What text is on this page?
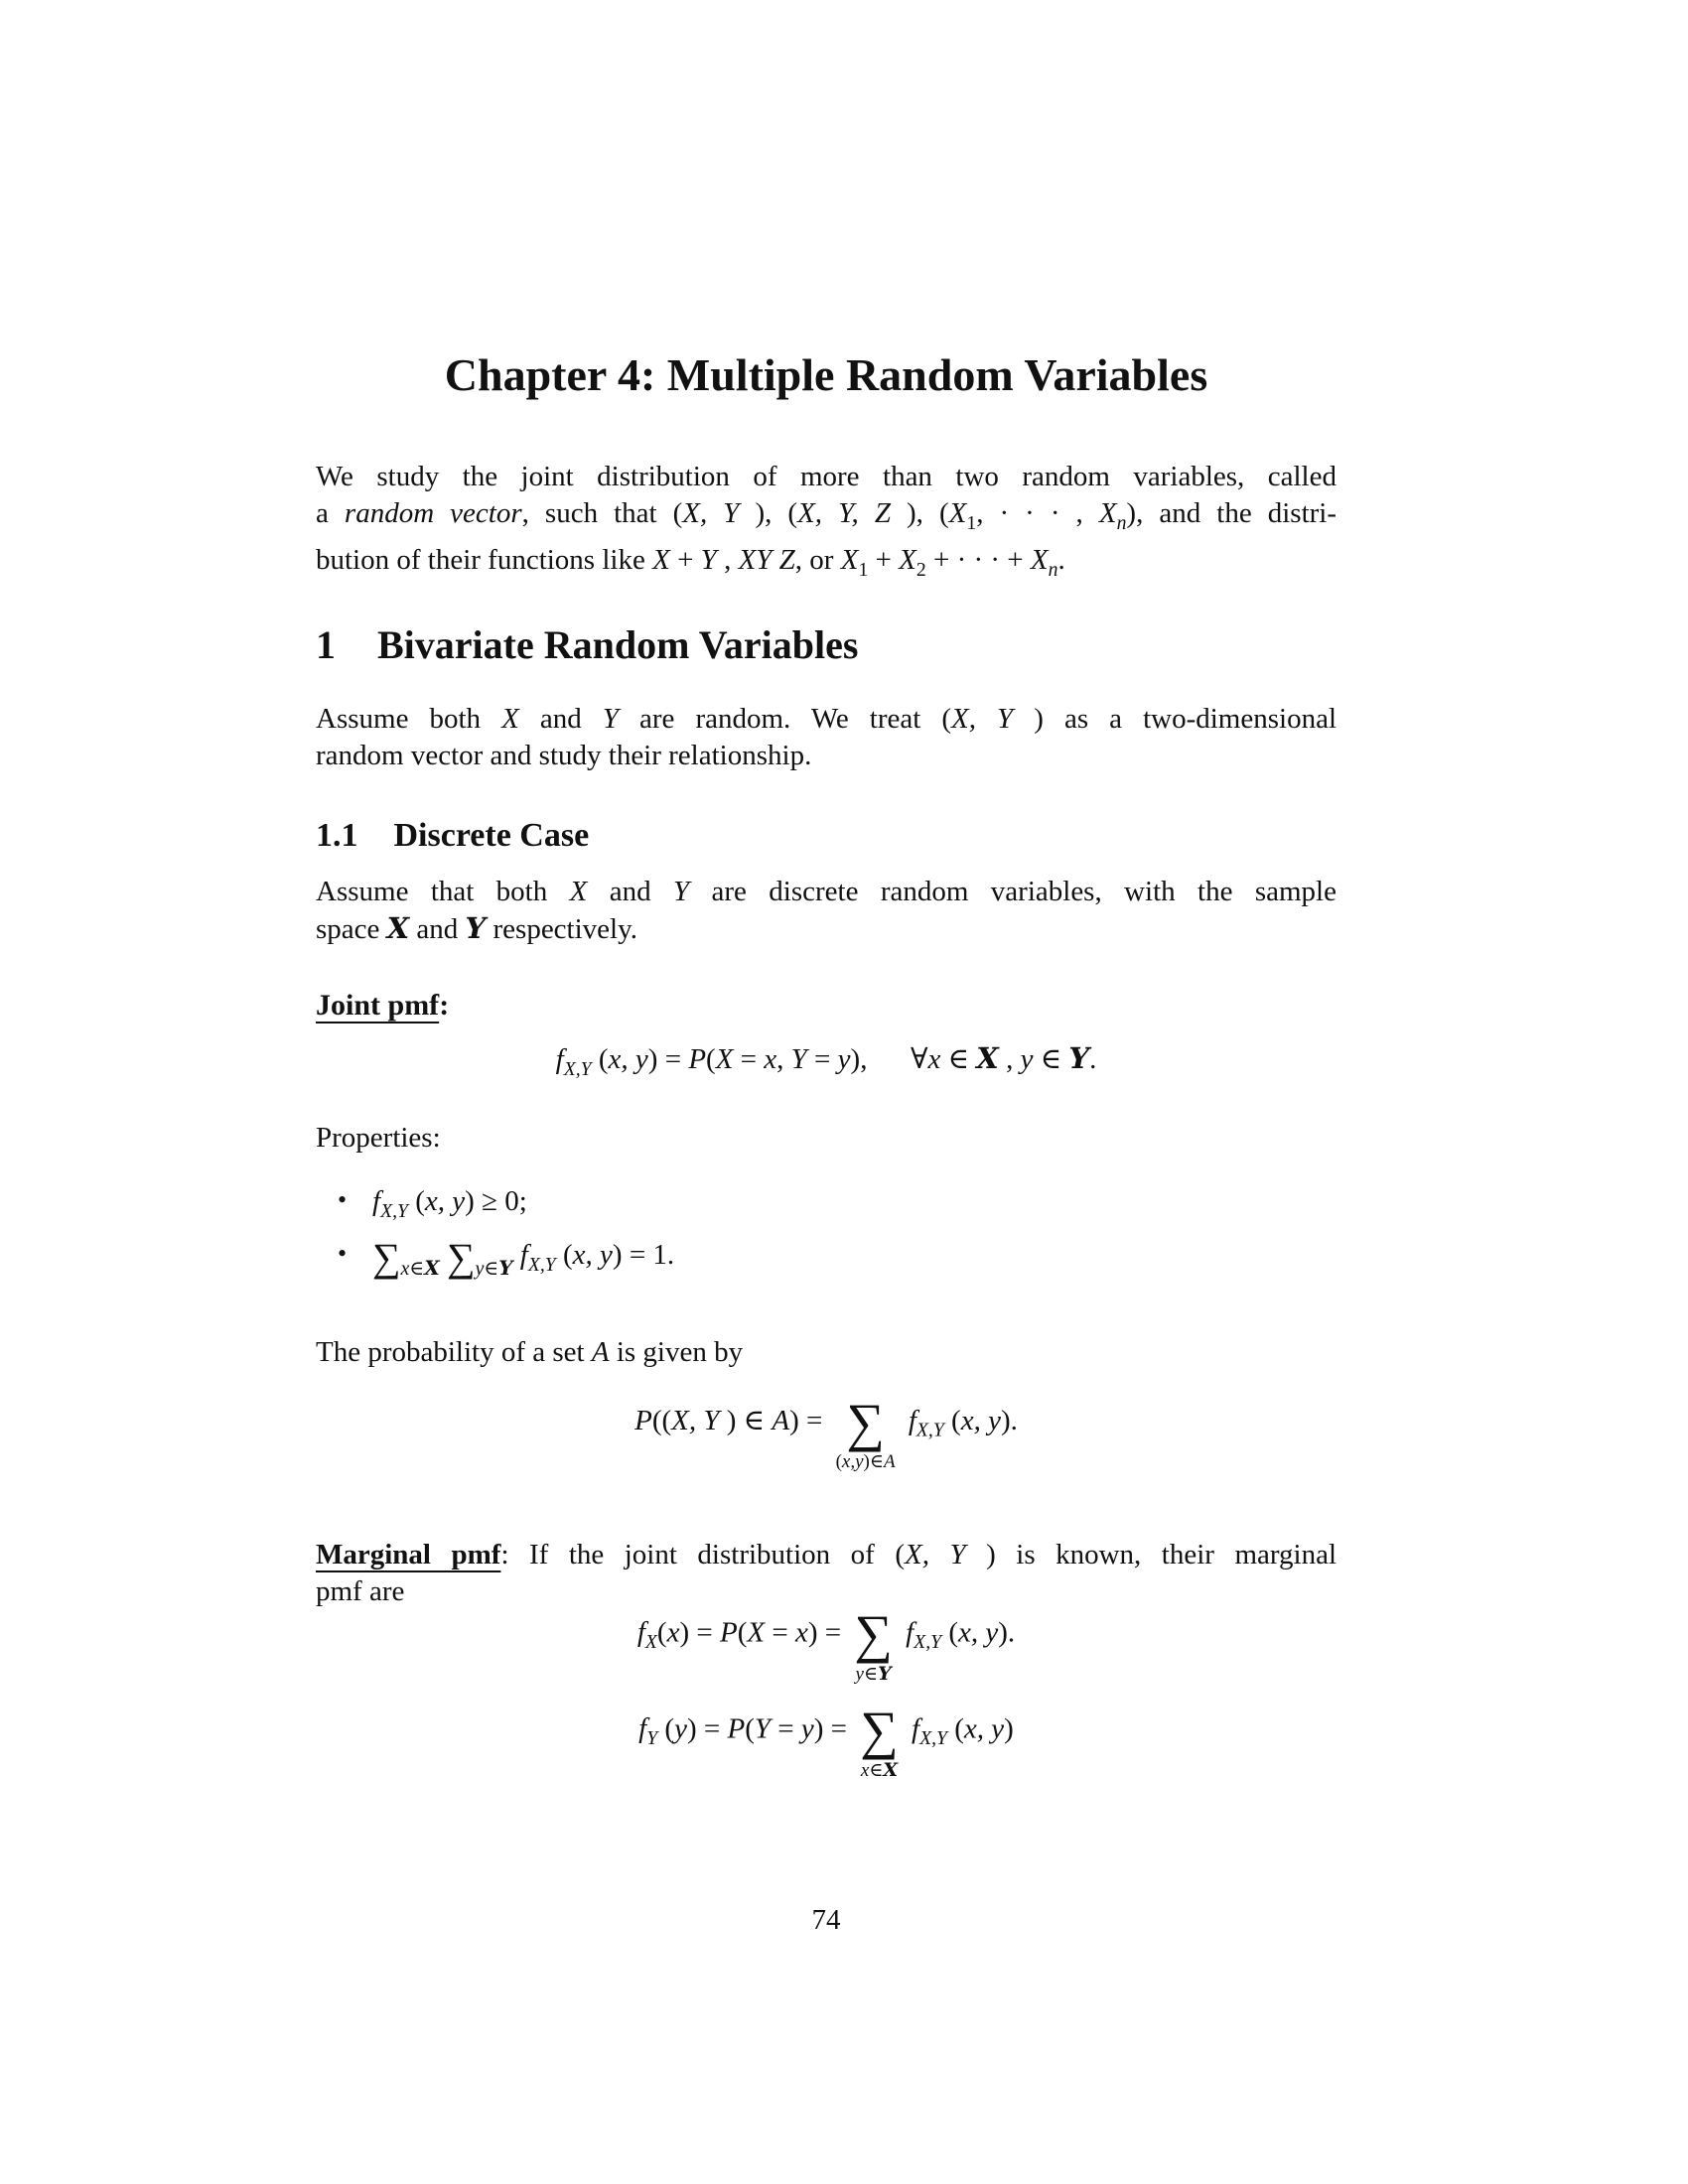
Chapter 4: Multiple Random Variables
We study the joint distribution of more than two random variables, called
a random vector, such that (X, Y ), (X, Y, Z ), ($X_1$, · · · , $X_n$), and the distri-
bution of their functions like X + Y , XY Z, or $X_1 + X_2$ + · · · + $X_n$.
1 Bivariate Random Variables
Assume both X and Y are random. We treat (X, Y ) as a two-dimensional
random vector and study their relationship.
1.1 Discrete Case
Assume that both X and Y are discrete random variables, with the sample
space X and Y respectively.
Joint pmf:
$f_{X,Y}$ (x, y) = P(X = x, Y = y),  ∀x ∈ X , y ∈ Y.
Properties:
• $f_{X,Y}$ (x, y) ≥ 0;
• $\sum_{x\in X}$ $\sum_{y\in Y}$ $f_{X,Y}$ (x, y) = 1.
The probability of a set A is given by
P((X, Y ) ∈ A) = ∑
(x,y)∈A
$f_{X,Y}$ (x, y).
Marginal pmf: If the joint distribution of (X, Y ) is known, their marginal
pmf are
$f_X(x) = P(X = x)$ = ∑
y∈Y
$f_{X,Y}$ (x, y).
$f_Y$ (y) = P(Y = y) = ∑
x∈X
$f_{X,Y}$ (x, y)
74
